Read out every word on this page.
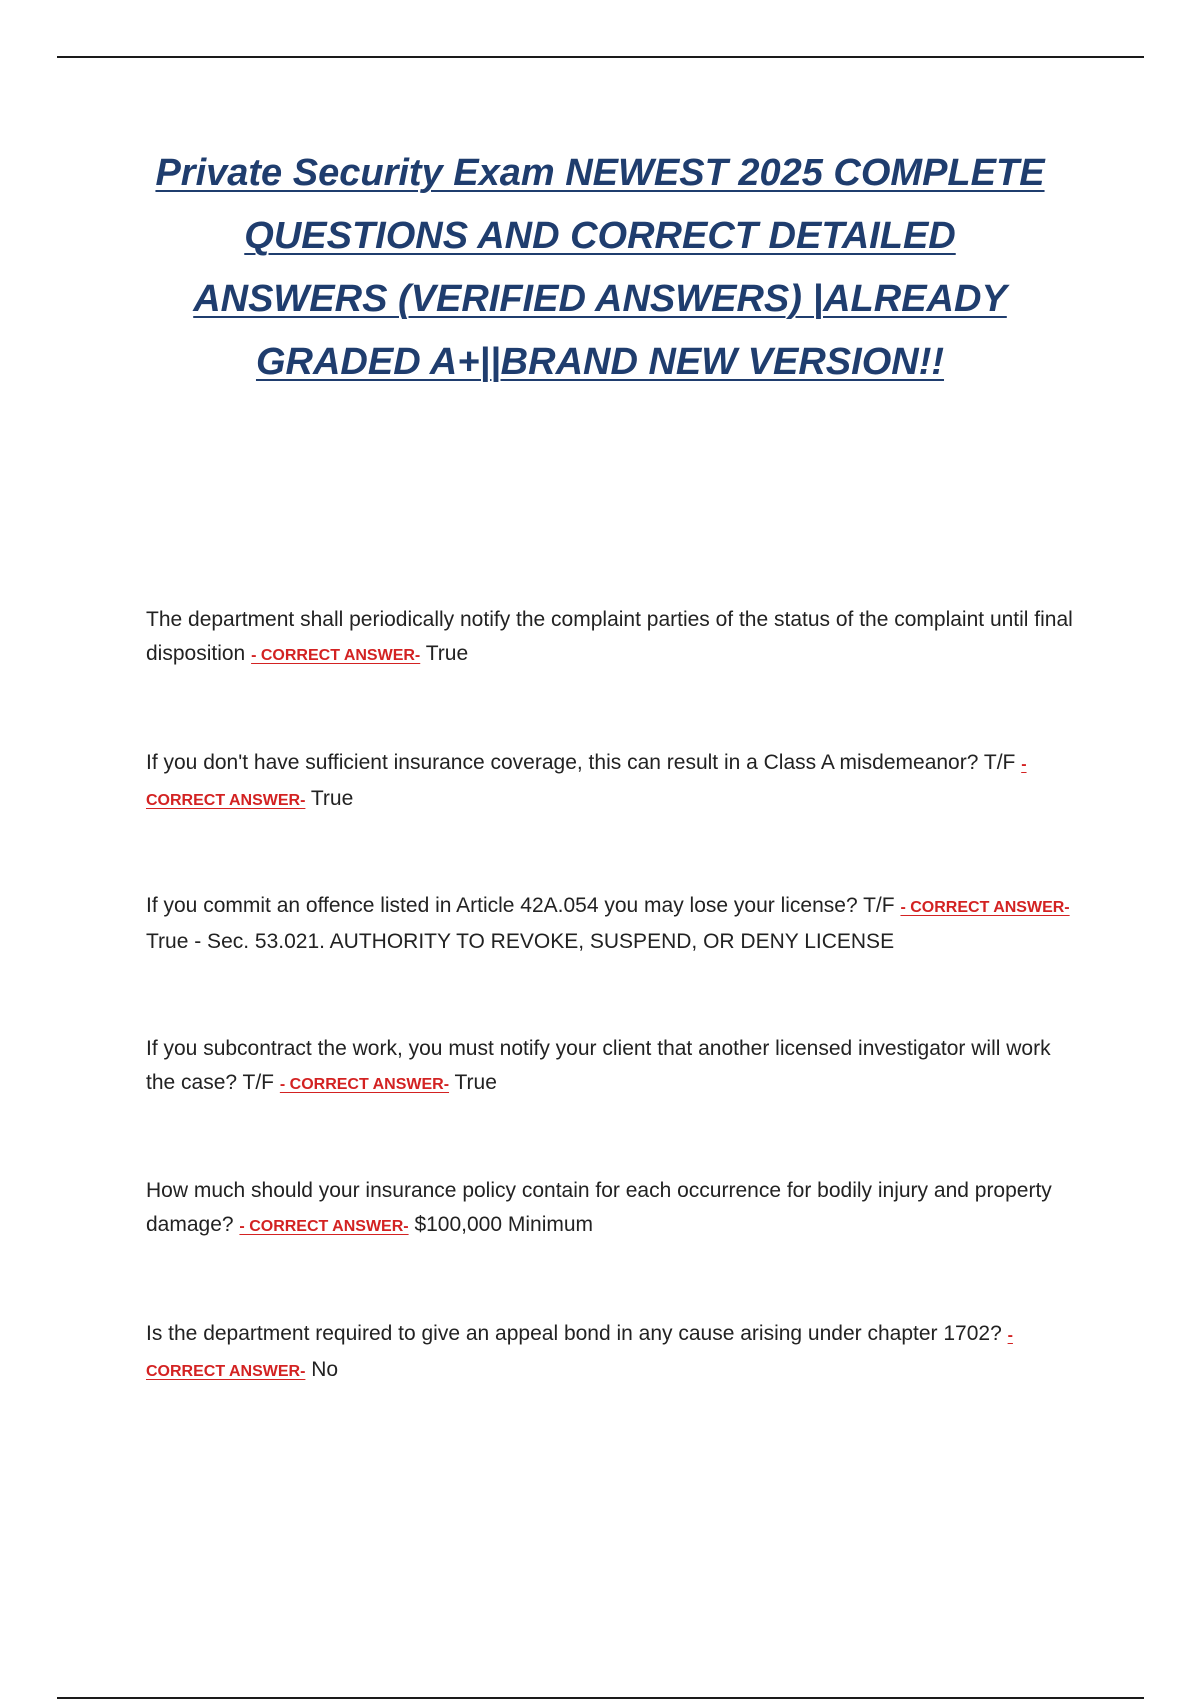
Private Security Exam NEWEST 2025 COMPLETE QUESTIONS AND CORRECT DETAILED ANSWERS (VERIFIED ANSWERS) |ALREADY GRADED A+||BRAND NEW VERSION!!

The department shall periodically notify the complaint parties of the status of the complaint until final disposition - CORRECT ANSWER- True

If you don't have sufficient insurance coverage, this can result in a Class A misdemeanor? T/F - CORRECT ANSWER- True

If you commit an offence listed in Article 42A.054 you may lose your license? T/F - CORRECT ANSWER- True - Sec. 53.021. AUTHORITY TO REVOKE, SUSPEND, OR DENY LICENSE

If you subcontract the work, you must notify your client that another licensed investigator will work the case? T/F - CORRECT ANSWER- True

How much should your insurance policy contain for each occurrence for bodily injury and property damage? - CORRECT ANSWER- $100,000 Minimum

Is the department required to give an appeal bond in any cause arising under chapter 1702? - CORRECT ANSWER- No
